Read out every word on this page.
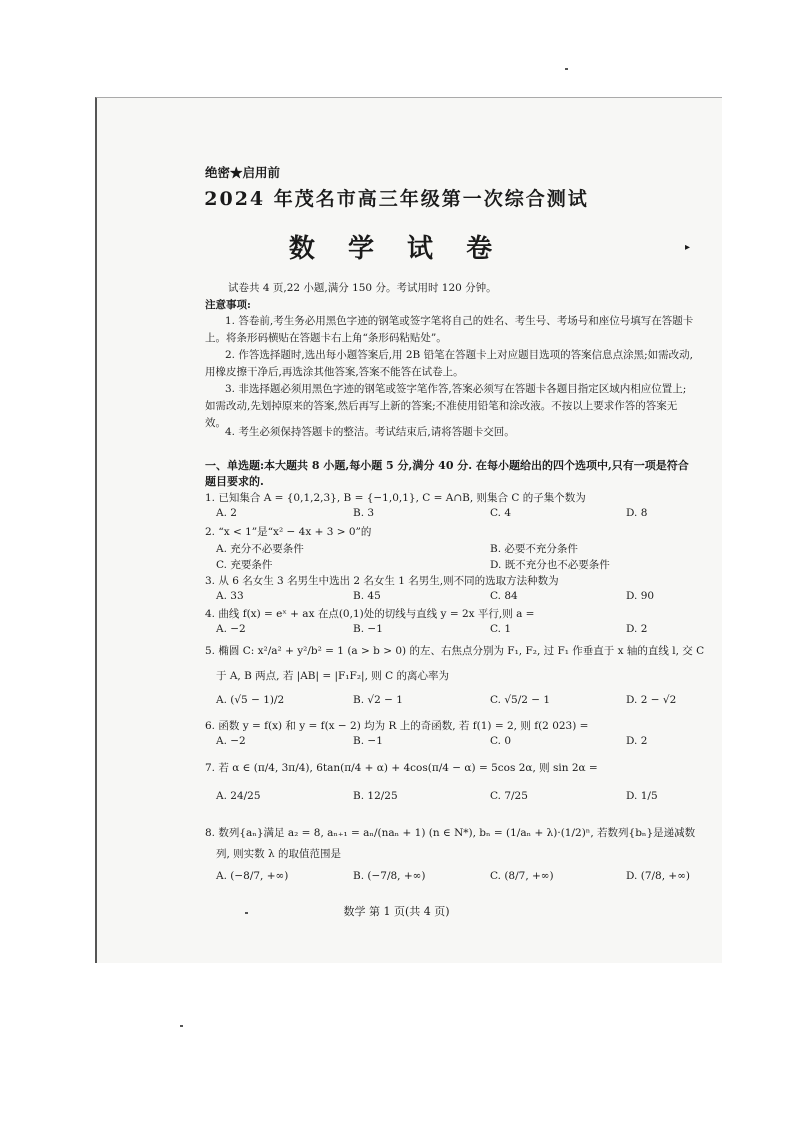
绝密★启用前
2024 年茂名市高三年级第一次综合测试
数 学 试 卷	▸
试卷共 4 页,22 小题,满分 150 分。考试用时 120 分钟。
注意事项:
1. 答卷前,考生务必用黑色字迹的钢笔或签字笔将自己的姓名、考生号、考场号和座位号填写在答题卡上。将条形码横贴在答题卡右上角“条形码粘贴处”。
2. 作答选择题时,选出每小题答案后,用 2B 铅笔在答题卡上对应题目选项的答案信息点涂黑;如需改动,用橡皮擦干净后,再选涂其他答案,答案不能答在试卷上。
3. 非选择题必须用黑色字迹的钢笔或签字笔作答,答案必须写在答题卡各题目指定区域内相应位置上;如需改动,先划掉原来的答案,然后再写上新的答案;不准使用铅笔和涂改液。不按以上要求作答的答案无效。
4. 考生必须保持答题卡的整洁。考试结束后,请将答题卡交回。
一、单选题:本大题共 8 小题,每小题 5 分,满分 40 分. 在每小题给出的四个选项中,只有一项是符合题目要求的.
1. 已知集合 A = {0,1,2,3}, B = {−1,0,1}, C = A∩B, 则集合 C 的子集个数为
A. 2	B. 3	C. 4	D. 8
2. “x < 1”是“x² − 4x + 3 > 0”的
A. 充分不必要条件	B. 必要不充分条件
C. 充要条件	D. 既不充分也不必要条件
3. 从 6 名女生 3 名男生中选出 2 名女生 1 名男生,则不同的选取方法种数为
A. 33	B. 45	C. 84	D. 90
4. 曲线 f(x) = eˣ + ax 在点(0,1)处的切线与直线 y = 2x 平行,则 a =
A. −2	B. −1	C. 1	D. 2
5. 椭圆 C: x²/a² + y²/b² = 1 (a > b > 0) 的左、右焦点分别为 F₁, F₂, 过 F₁ 作垂直于 x 轴的直线 l, 交 C
于 A, B 两点, 若 |AB| = |F₁F₂|, 则 C 的离心率为
A. (√5 − 1)/2	B. √2 − 1	C. √5/2 − 1	D. 2 − √2
6. 函数 y = f(x) 和 y = f(x − 2) 均为 R 上的奇函数, 若 f(1) = 2, 则 f(2 023) =
A. −2	B. −1	C. 0	D. 2
7. 若 α ∈ (π/4, 3π/4), 6tan(π/4 + α) + 4cos(π/4 − α) = 5cos 2α, 则 sin 2α =
A. 24/25	B. 12/25	C. 7/25	D. 1/5
8. 数列{aₙ}满足 a₂ = 8, aₙ₊₁ = aₙ/(naₙ + 1) (n ∈ N*), bₙ = (1/aₙ + λ)·(1/2)ⁿ, 若数列{bₙ}是递减数
列, 则实数 λ 的取值范围是
A. (−8/7, +∞)	B. (−7/8, +∞)	C. (8/7, +∞)	D. (7/8, +∞)
数学 第 1 页(共 4 页)
